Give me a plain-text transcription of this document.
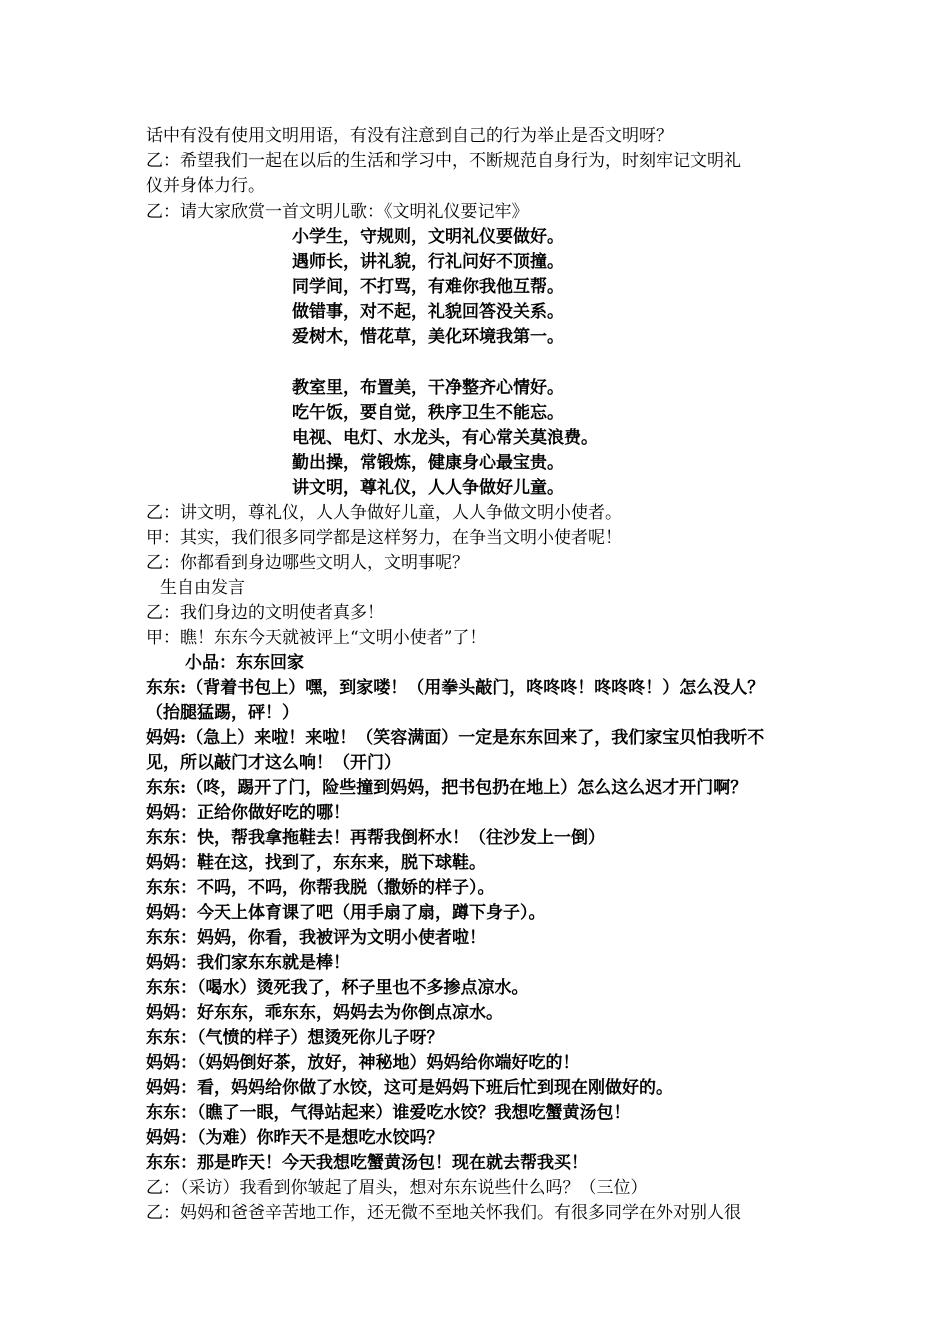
话中有没有使用文明用语，有没有注意到自己的行为举止是否文明呀？
乙：希望我们一起在以后的生活和学习中，不断规范自身行为，时刻牢记文明礼
仪并身体力行。
乙：请大家欣赏一首文明儿歌：《文明礼仪要记牢》
小学生，守规则，文明礼仪要做好。
遇师长，讲礼貌，行礼问好不顶撞。
同学间，不打骂，有难你我他互帮。
做错事，对不起，礼貌回答没关系。
爱树木，惜花草，美化环境我第一。
教室里，布置美，干净整齐心情好。
吃午饭，要自觉，秩序卫生不能忘。
电视、电灯、水龙头，有心常关莫浪费。
勤出操，常锻炼，健康身心最宝贵。
讲文明，尊礼仪，人人争做好儿童。
乙：讲文明，尊礼仪，人人争做好儿童，人人争做文明小使者。
甲：其实，我们很多同学都是这样努力，在争当文明小使者呢！
乙：你都看到身边哪些文明人，文明事呢？
生自由发言
乙：我们身边的文明使者真多！
甲：瞧！东东今天就被评上“文明小使者”了！
小品：东东回家
东东:（背着书包上）嘿，到家喽！（用拳头敲门，咚咚咚！咚咚咚！）怎么没人？
（抬腿猛踢，砰！）
妈妈:（急上）来啦！来啦！（笑容满面）一定是东东回来了，我们家宝贝怕我听不
见，所以敲门才这么响！（开门）
东东:（咚，踢开了门，险些撞到妈妈，把书包扔在地上）怎么这么迟才开门啊？
妈妈：正给你做好吃的哪！
东东：快，帮我拿拖鞋去！再帮我倒杯水！（往沙发上一倒）
妈妈：鞋在这，找到了，东东来，脱下球鞋。
东东：不吗，不吗，你帮我脱（撒娇的样子）。
妈妈：今天上体育课了吧（用手扇了扇，蹲下身子）。
东东：妈妈，你看，我被评为文明小使者啦！
妈妈：我们家东东就是棒！
东东：（喝水）烫死我了，杯子里也不多掺点凉水。
妈妈：好东东，乖东东，妈妈去为你倒点凉水。
东东：（气愤的样子）想烫死你儿子呀？
妈妈：（妈妈倒好茶，放好，神秘地）妈妈给你端好吃的！
妈妈：看，妈妈给你做了水饺，这可是妈妈下班后忙到现在刚做好的。
东东：（瞧了一眼，气得站起来）谁爱吃水饺？我想吃蟹黄汤包！
妈妈：（为难）你昨天不是想吃水饺吗？
东东：那是昨天！今天我想吃蟹黄汤包！现在就去帮我买！
乙：（采访）我看到你皱起了眉头，想对东东说些什么吗？（三位）
乙：妈妈和爸爸辛苦地工作，还无微不至地关怀我们。有很多同学在外对别人很
